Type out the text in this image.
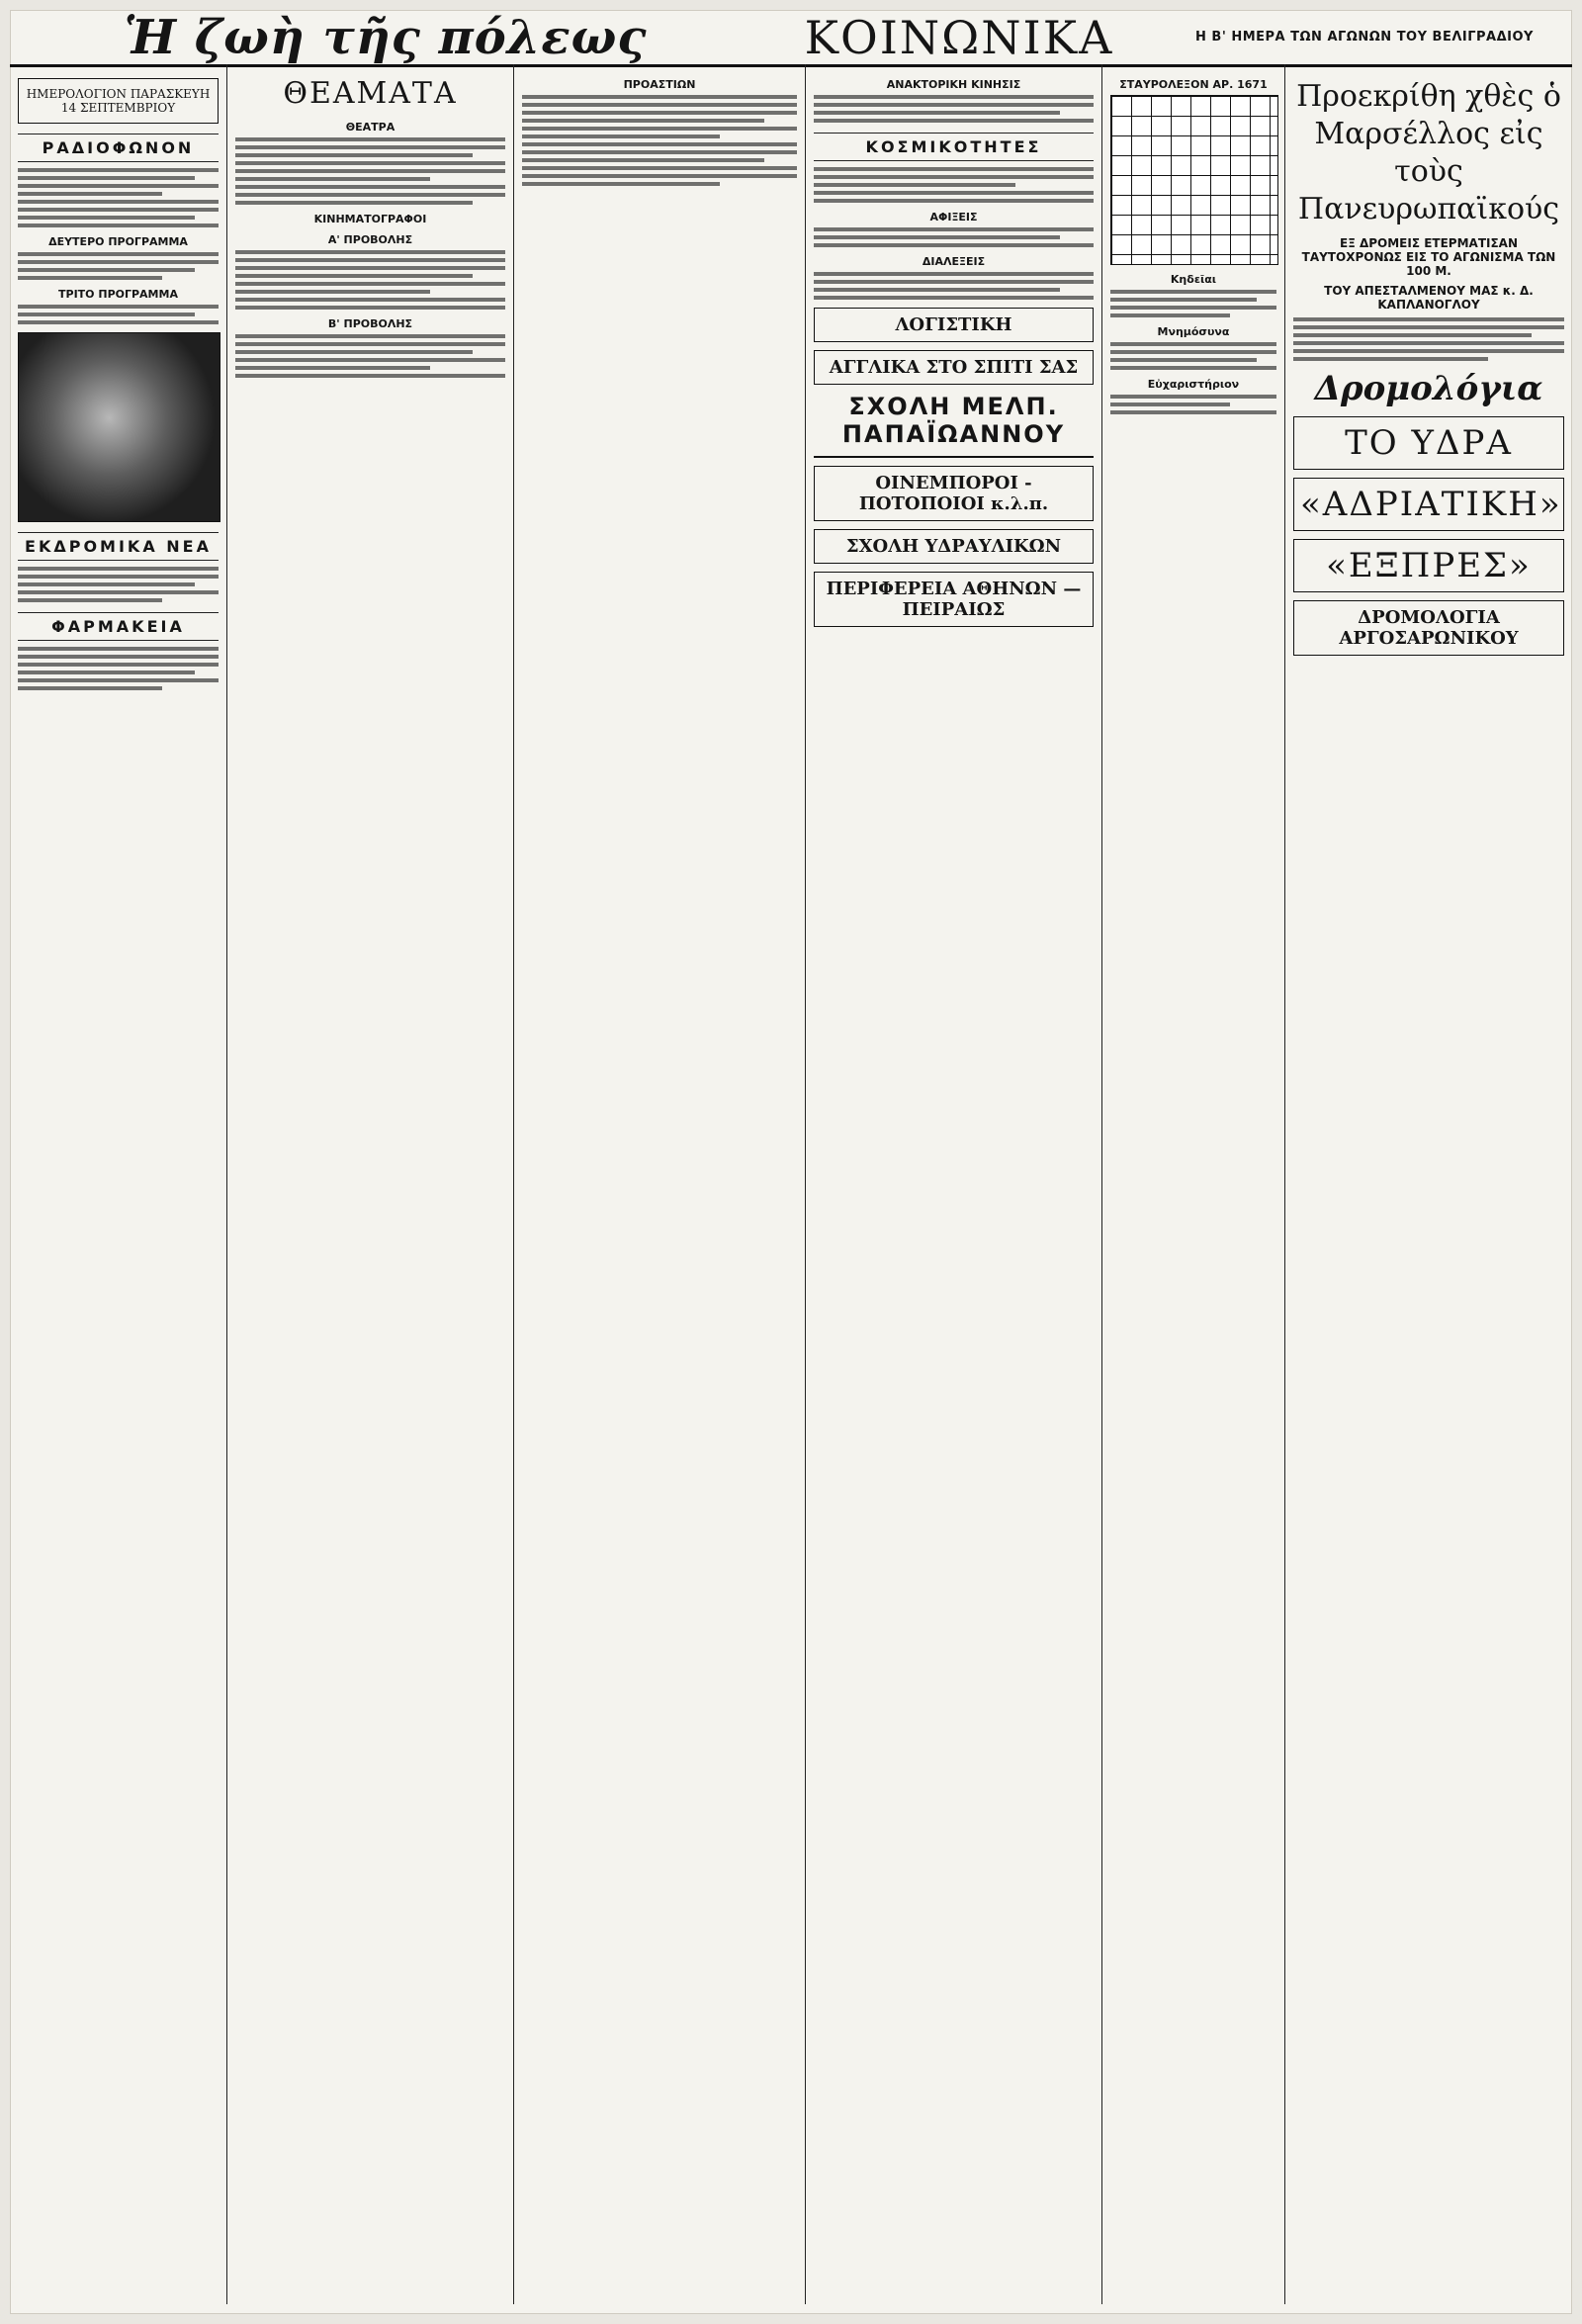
Ἡ ζωὴ τῆς πόλεως	ΚΟΙΝΩΝΙΚΑ	Η Β' ΗΜΕΡΑ ΤΩΝ ΑΓΩΝΩΝ ΤΟΥ ΒΕΛΙΓΡΑΔΙΟΥ
ΗΜΕΡΟΛΟΓΙΟΝ ΠΑΡΑΣΚΕΥΗ 14 ΣΕΠΤΕΜΒΡΙΟΥ
ΡΑΔΙΟΦΩΝΟΝ
ΔΕΥΤΕΡΟ ΠΡΟΓΡΑΜΜΑ
ΤΡΙΤΟ ΠΡΟΓΡΑΜΜΑ
ΕΚΔΡΟΜΙΚΑ ΝΕΑ
ΦΑΡΜΑΚΕΙΑ
ΘΕΑΜΑΤΑ
ΘΕΑΤΡΑ
ΚΙΝΗΜΑΤΟΓΡΑΦΟΙ
Α' ΠΡΟΒΟΛΗΣ
Β' ΠΡΟΒΟΛΗΣ
ΠΡΟΑΣΤΙΩΝ	ΑΝΑΚΤΟΡΙΚΗ ΚΙΝΗΣΙΣ
ΚΟΣΜΙΚΟΤΗΤΕΣ
ΑΦΙΞΕΙΣ
ΔΙΑΛΕΞΕΙΣ
ΛΟΓΙΣΤΙΚΗ
ΑΓΓΛΙΚΑ ΣΤΟ ΣΠΙΤΙ ΣΑΣ
ΣΧΟΛΗ ΜΕΛΠ. ΠΑΠΑΪΩΑΝΝΟΥ
ΟΙΝΕΜΠΟΡΟΙ - ΠΟΤΟΠΟΙΟΙ κ.λ.π.
ΣΧΟΛΗ ΥΔΡΑΥΛΙΚΩΝ
ΠΕΡΙΦΕΡΕΙΑ ΑΘΗΝΩΝ — ΠΕΙΡΑΙΩΣ
ΣΤΑΥΡΟΛΕΞΟΝ ΑΡ. 1671
Κηδεῖαι
Μνημόσυνα
Εὐχαριστήριον
Προεκρίθη χθὲς ὁ Μαρσέλλος εἰς τοὺς Πανευρωπαϊκούς
ΕΞ ΔΡΟΜΕΙΣ ΕΤΕΡΜΑΤΙΣΑΝ ΤΑΥΤΟΧΡΟΝΩΣ ΕΙΣ ΤΟ ΑΓΩΝΙΣΜΑ ΤΩΝ 100 Μ.
ΤΟΥ ΑΠΕΣΤΑΛΜΕΝΟΥ ΜΑΣ κ. Δ. ΚΑΠΛΑΝΟΓΛΟΥ
Δρομολόγια
ΤΟ ΥΔΡΑ
«ΑΔΡΙΑΤΙΚΗ»
«ΕΞΠΡΕΣ»
ΔΡΟΜΟΛΟΓΙΑ ΑΡΓΟΣΑΡΩΝΙΚΟΥ
